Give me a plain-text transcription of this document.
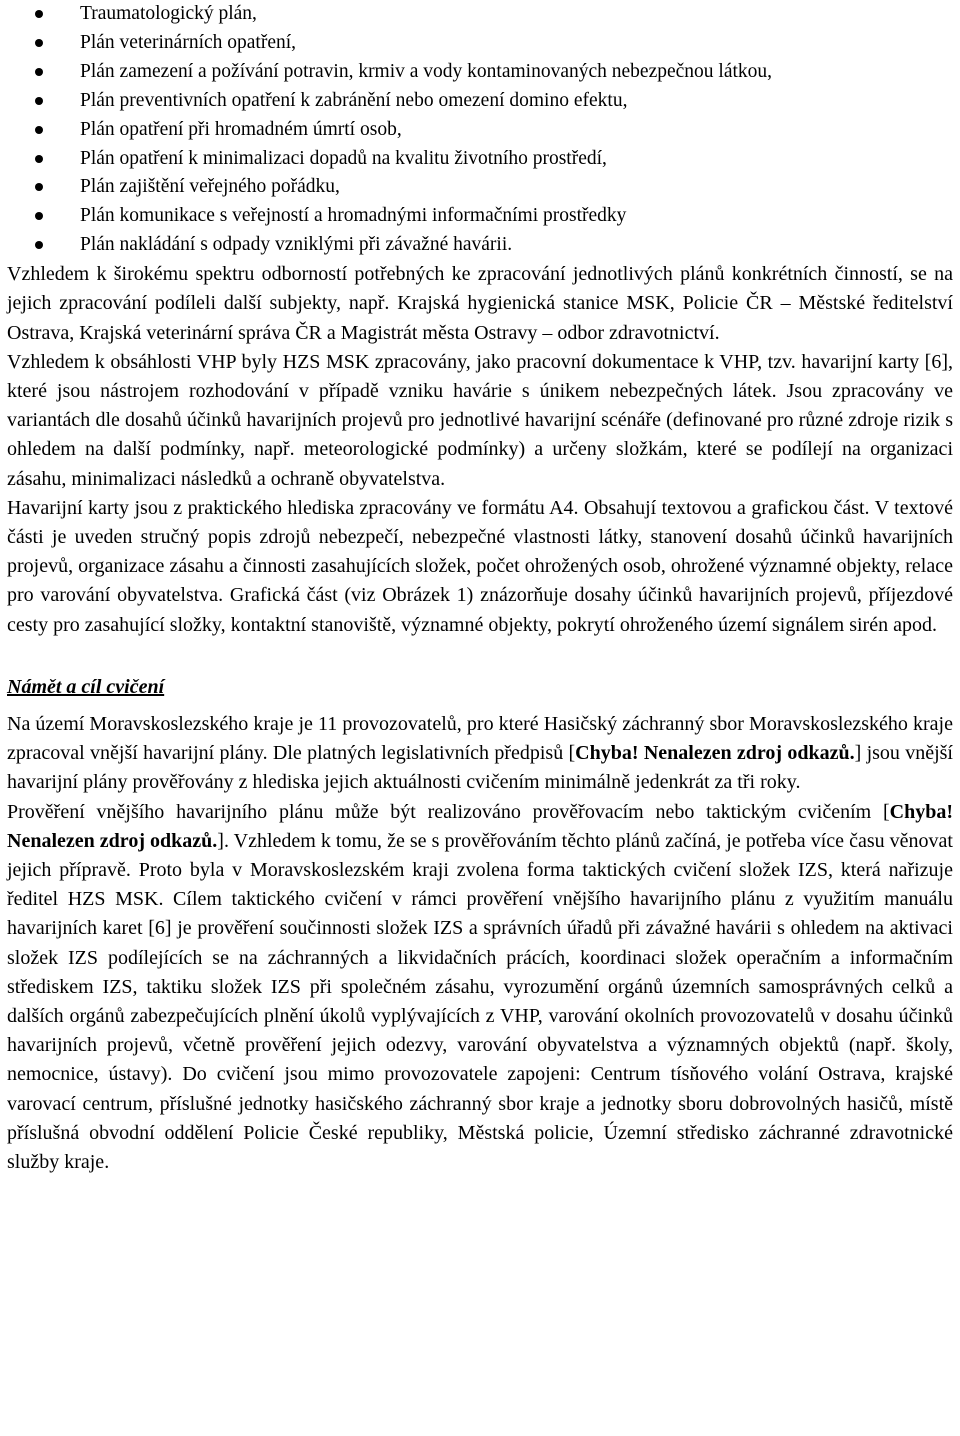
Traumatologický plán,
Plán veterinárních opatření,
Plán zamezení a požívání potravin, krmiv a vody kontaminovaných nebezpečnou látkou,
Plán preventivních opatření k zabránění nebo omezení domino efektu,
Plán opatření při hromadném úmrtí osob,
Plán opatření k minimalizaci dopadů na kvalitu životního prostředí,
Plán zajištění veřejného pořádku,
Plán komunikace s veřejností a hromadnými informačními prostředky
Plán nakládání s odpady vzniklými při závažné havárii.

Vzhledem k širokému spektru odborností potřebných ke zpracování jednotlivých plánů konkrétních činností, se na jejich zpracování podíleli další subjekty, např. Krajská hygienická stanice MSK, Policie ČR – Městské ředitelství Ostrava, Krajská veterinární správa ČR a Magistrát města Ostravy – odbor zdravotnictví.

Vzhledem k obsáhlosti VHP byly HZS MSK zpracovány, jako pracovní dokumentace k VHP, tzv. havarijní karty [6], které jsou nástrojem rozhodování v případě vzniku havárie s únikem nebezpečných látek. Jsou zpracovány ve variantách dle dosahů účinků havarijních projevů pro jednotlivé havarijní scénáře (definované pro různé zdroje rizik s ohledem na další podmínky, např. meteorologické podmínky) a určeny složkám, které se podílejí na organizaci zásahu, minimalizaci následků a ochraně obyvatelstva.

Havarijní karty jsou z praktického hlediska zpracovány ve formátu A4. Obsahují textovou a grafickou část. V textové části je uveden stručný popis zdrojů nebezpečí, nebezpečné vlastnosti látky, stanovení dosahů účinků havarijních projevů, organizace zásahu a činnosti zasahujících složek, počet ohrožených osob, ohrožené významné objekty, relace pro varování obyvatelstva. Grafická část (viz Obrázek 1) znázorňuje dosahy účinků havarijních projevů, příjezdové cesty pro zasahující složky, kontaktní stanoviště, významné objekty, pokrytí ohroženého území signálem sirén apod.

Námět a cíl cvičení

Na území Moravskoslezského kraje je 11 provozovatelů, pro které Hasičský záchranný sbor Moravskoslezského kraje zpracoval vnější havarijní plány. Dle platných legislativních předpisů [Chyba! Nenalezen zdroj odkazů.] jsou vnější havarijní plány prověřovány z hlediska jejich aktuálnosti cvičením minimálně jedenkrát za tři roky.

Prověření vnějšího havarijního plánu může být realizováno prověřovacím nebo taktickým cvičením [Chyba! Nenalezen zdroj odkazů.]. Vzhledem k tomu, že se s prověřováním těchto plánů začíná, je potřeba více času věnovat jejich přípravě. Proto byla v Moravskoslezském kraji zvolena forma taktických cvičení složek IZS, která nařizuje ředitel HZS MSK. Cílem taktického cvičení v rámci prověření vnějšího havarijního plánu z využitím manuálu havarijních karet [6] je prověření součinnosti složek IZS a správních úřadů při závažné havárii s ohledem na aktivaci složek IZS podílejících se na záchranných a likvidačních prácích, koordinaci složek operačním a informačním střediskem IZS, taktiku složek IZS při společném zásahu, vyrozumění orgánů územních samosprávných celků a dalších orgánů zabezpečujících plnění úkolů vyplývajících z VHP, varování okolních provozovatelů v dosahu účinků havarijních projevů, včetně prověření jejich odezvy, varování obyvatelstva a významných objektů (např. školy, nemocnice, ústavy). Do cvičení jsou mimo provozovatele zapojeni: Centrum tísňového volání Ostrava, krajské varovací centrum, příslušné jednotky hasičského záchranný sbor kraje a jednotky sboru dobrovolných hasičů, místě příslušná obvodní oddělení Policie České republiky, Městská policie, Územní středisko záchranné zdravotnické služby kraje.
